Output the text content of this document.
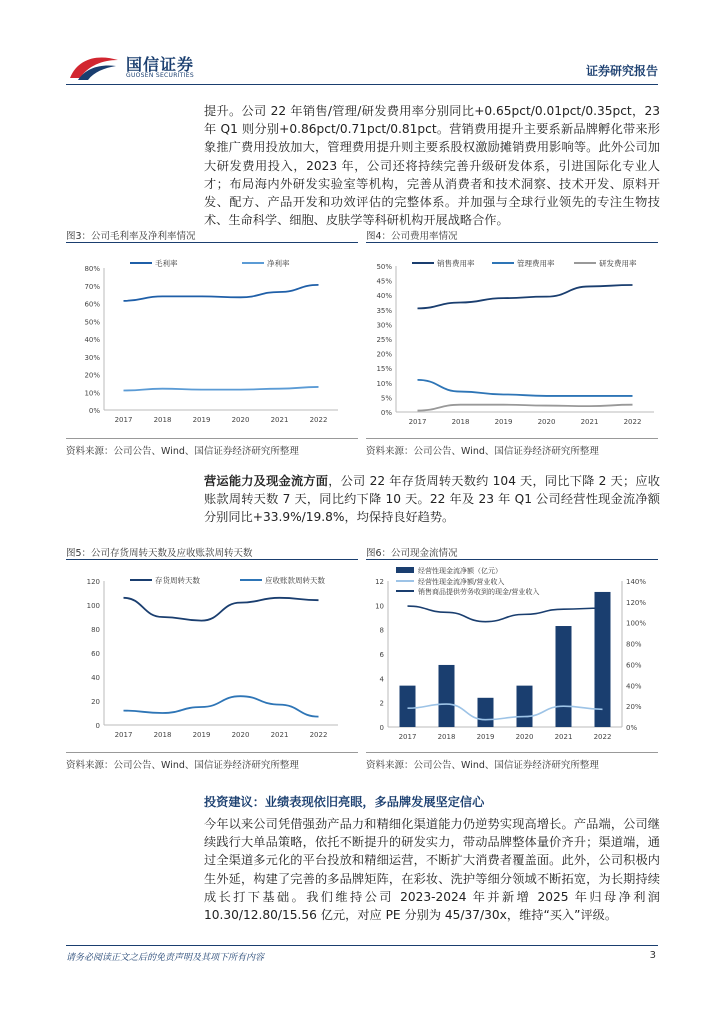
国信证券
GUOSEN SECURITIES	证券研究报告
提升。公司 22 年销售/管理/研发费用率分别同比+0.65pct/0.01pct/0.35pct，23 年 Q1 则分别+0.86pct/0.71pct/0.81pct。营销费用提升主要系新品牌孵化带来形象推广费用投放加大，管理费用提升则主要系股权激励摊销费用影响等。此外公司加大研发费用投入，2023 年，公司还将持续完善升级研发体系，引进国际化专业人才；布局海内外研发实验室等机构，完善从消费者和技术洞察、技术开发、原料开发、配方、产品开发和功效评估的完整体系。并加强与全球行业领先的专注生物技术、生命科学、细胞、皮肤学等科研机构开展战略合作。
图3：公司毛利率及净利率情况
0%
10%
20%
30%
40%
50%
60%
70%
80%
2017	2018	2019	2020	2021	2022
毛利率	净利率
资料来源：公司公告、Wind、国信证券经济研究所整理
图4：公司费用率情况
0%
5%
10%
15%
20%
25%
30%
35%
40%
45%
50%
2017	2018	2019	2020	2021	2022
销售费用率	管理费用率	研发费用率
资料来源：公司公告、Wind、国信证券经济研究所整理
营运能力及现金流方面，公司 22 年存货周转天数约 104 天，同比下降 2 天；应收账款周转天数 7 天，同比约下降 10 天。22 年及 23 年 Q1 公司经营性现金流净额分别同比+33.9%/19.8%，均保持良好趋势。
图5：公司存货周转天数及应收账款周转天数
0
20
40
60
80
100
120
2017	2018	2019	2020	2021	2022
存货周转天数	应收账款周转天数
资料来源：公司公告、Wind、国信证券经济研究所整理
图6：公司现金流情况
0
2
4
6
8
10
12
0%
20%
40%
60%
80%
100%
120%
140%
2017	2018	2019	2020	2021	2022
经营性现金流净额（亿元）
经营性现金流净额/营业收入
销售商品提供劳务收到的现金/营业收入
资料来源：公司公告、Wind、国信证券经济研究所整理
投资建议：业绩表现依旧亮眼，多品牌发展坚定信心
今年以来公司凭借强劲产品力和精细化渠道能力仍逆势实现高增长。产品端，公司继续践行大单品策略，依托不断提升的研发实力，带动品牌整体量价齐升；渠道端，通过全渠道多元化的平台投放和精细运营，不断扩大消费者覆盖面。此外，公司积极内生外延，构建了完善的多品牌矩阵，在彩妆、洗护等细分领域不断拓宽，为长期持续成长打下基础。我们维持公司 2023-2024 年并新增 2025 年归母净利润 10.30/12.80/15.56 亿元，对应 PE 分别为 45/37/30x，维持“买入”评级。
请务必阅读正文之后的免责声明及其项下所有内容	3
